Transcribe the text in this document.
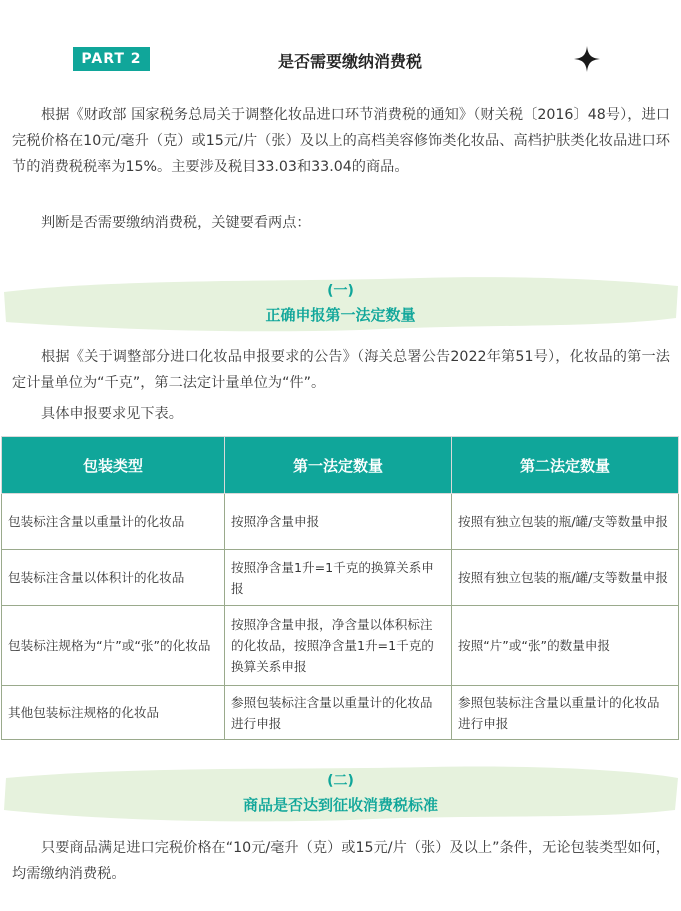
PART 2	是否需要缴纳消费税

根据《财政部 国家税务总局关于调整化妆品进口环节消费税的通知》（财关税〔2016〕48号），进口完税价格在10元/毫升（克）或15元/片（张）及以上的高档美容修饰类化妆品、高档护肤类化妆品进口环节的消费税税率为15%。主要涉及税目33.03和33.04的商品。

判断是否需要缴纳消费税，关键要看两点：

(一)
正确申报第一法定数量

根据《关于调整部分进口化妆品申报要求的公告》（海关总署公告2022年第51号），化妆品的第一法定计量单位为“千克”，第二法定计量单位为“件”。

具体申报要求见下表。

包装类型	第一法定数量	第二法定数量
包装标注含量以重量计的化妆品	按照净含量申报	按照有独立包装的瓶/罐/支等数量申报
包装标注含量以体积计的化妆品	按照净含量1升=1千克的换算关系申报	按照有独立包装的瓶/罐/支等数量申报
包装标注规格为“片”或“张”的化妆品	按照净含量申报，净含量以体积标注的化妆品，按照净含量1升=1千克的换算关系申报	按照“片”或“张”的数量申报
其他包装标注规格的化妆品	参照包装标注含量以重量计的化妆品进行申报	参照包装标注含量以重量计的化妆品进行申报
(二)
商品是否达到征收消费税标准

只要商品满足进口完税价格在“10元/毫升（克）或15元/片（张）及以上”条件，无论包装类型如何，均需缴纳消费税。
